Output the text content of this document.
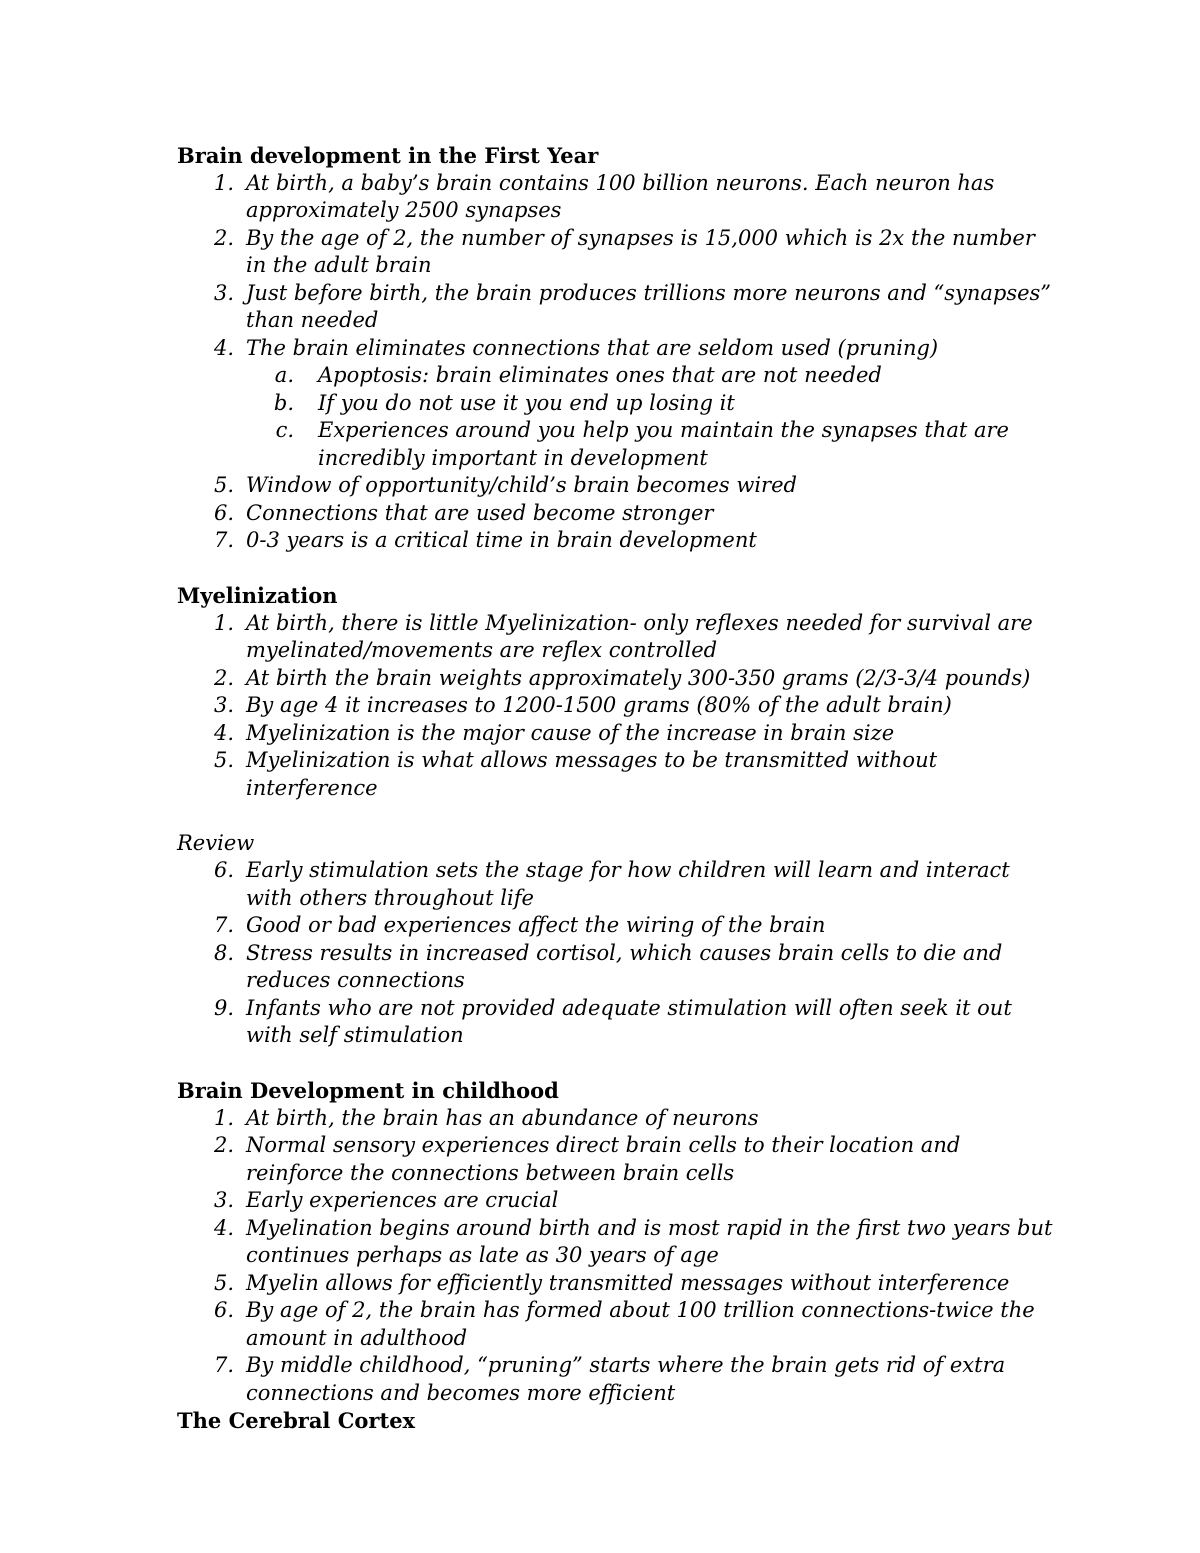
Brain development in the First Year
1. At birth, a baby’s brain contains 100 billion neurons. Each neuron has approximately 2500 synapses
2. By the age of 2, the number of synapses is 15,000 which is 2x the number in the adult brain
3. Just before birth, the brain produces trillions more neurons and “synapses” than needed
4. The brain eliminates connections that are seldom used (pruning)
a. Apoptosis: brain eliminates ones that are not needed
b. If you do not use it you end up losing it
c. Experiences around you help you maintain the synapses that are incredibly important in development
5. Window of opportunity/child’s brain becomes wired
6. Connections that are used become stronger
7. 0-3 years is a critical time in brain development
Myelinization
1. At birth, there is little Myelinization- only reflexes needed for survival are myelinated/movements are reflex controlled
2. At birth the brain weights approximately 300-350 grams (2/3-3/4 pounds)
3. By age 4 it increases to 1200-1500 grams (80% of the adult brain)
4. Myelinization is the major cause of the increase in brain size
5. Myelinization is what allows messages to be transmitted without interference

Review

6. Early stimulation sets the stage for how children will learn and interact with others throughout life
7. Good or bad experiences affect the wiring of the brain
8. Stress results in increased cortisol, which causes brain cells to die and reduces connections
9. Infants who are not provided adequate stimulation will often seek it out with self stimulation
Brain Development in childhood
1. At birth, the brain has an abundance of neurons
2. Normal sensory experiences direct brain cells to their location and reinforce the connections between brain cells
3. Early experiences are crucial
4. Myelination begins around birth and is most rapid in the first two years but continues perhaps as late as 30 years of age
5. Myelin allows for efficiently transmitted messages without interference
6. By age of 2, the brain has formed about 100 trillion connections-twice the amount in adulthood
7. By middle childhood, “pruning” starts where the brain gets rid of extra connections and becomes more efficient
The Cerebral Cortex
